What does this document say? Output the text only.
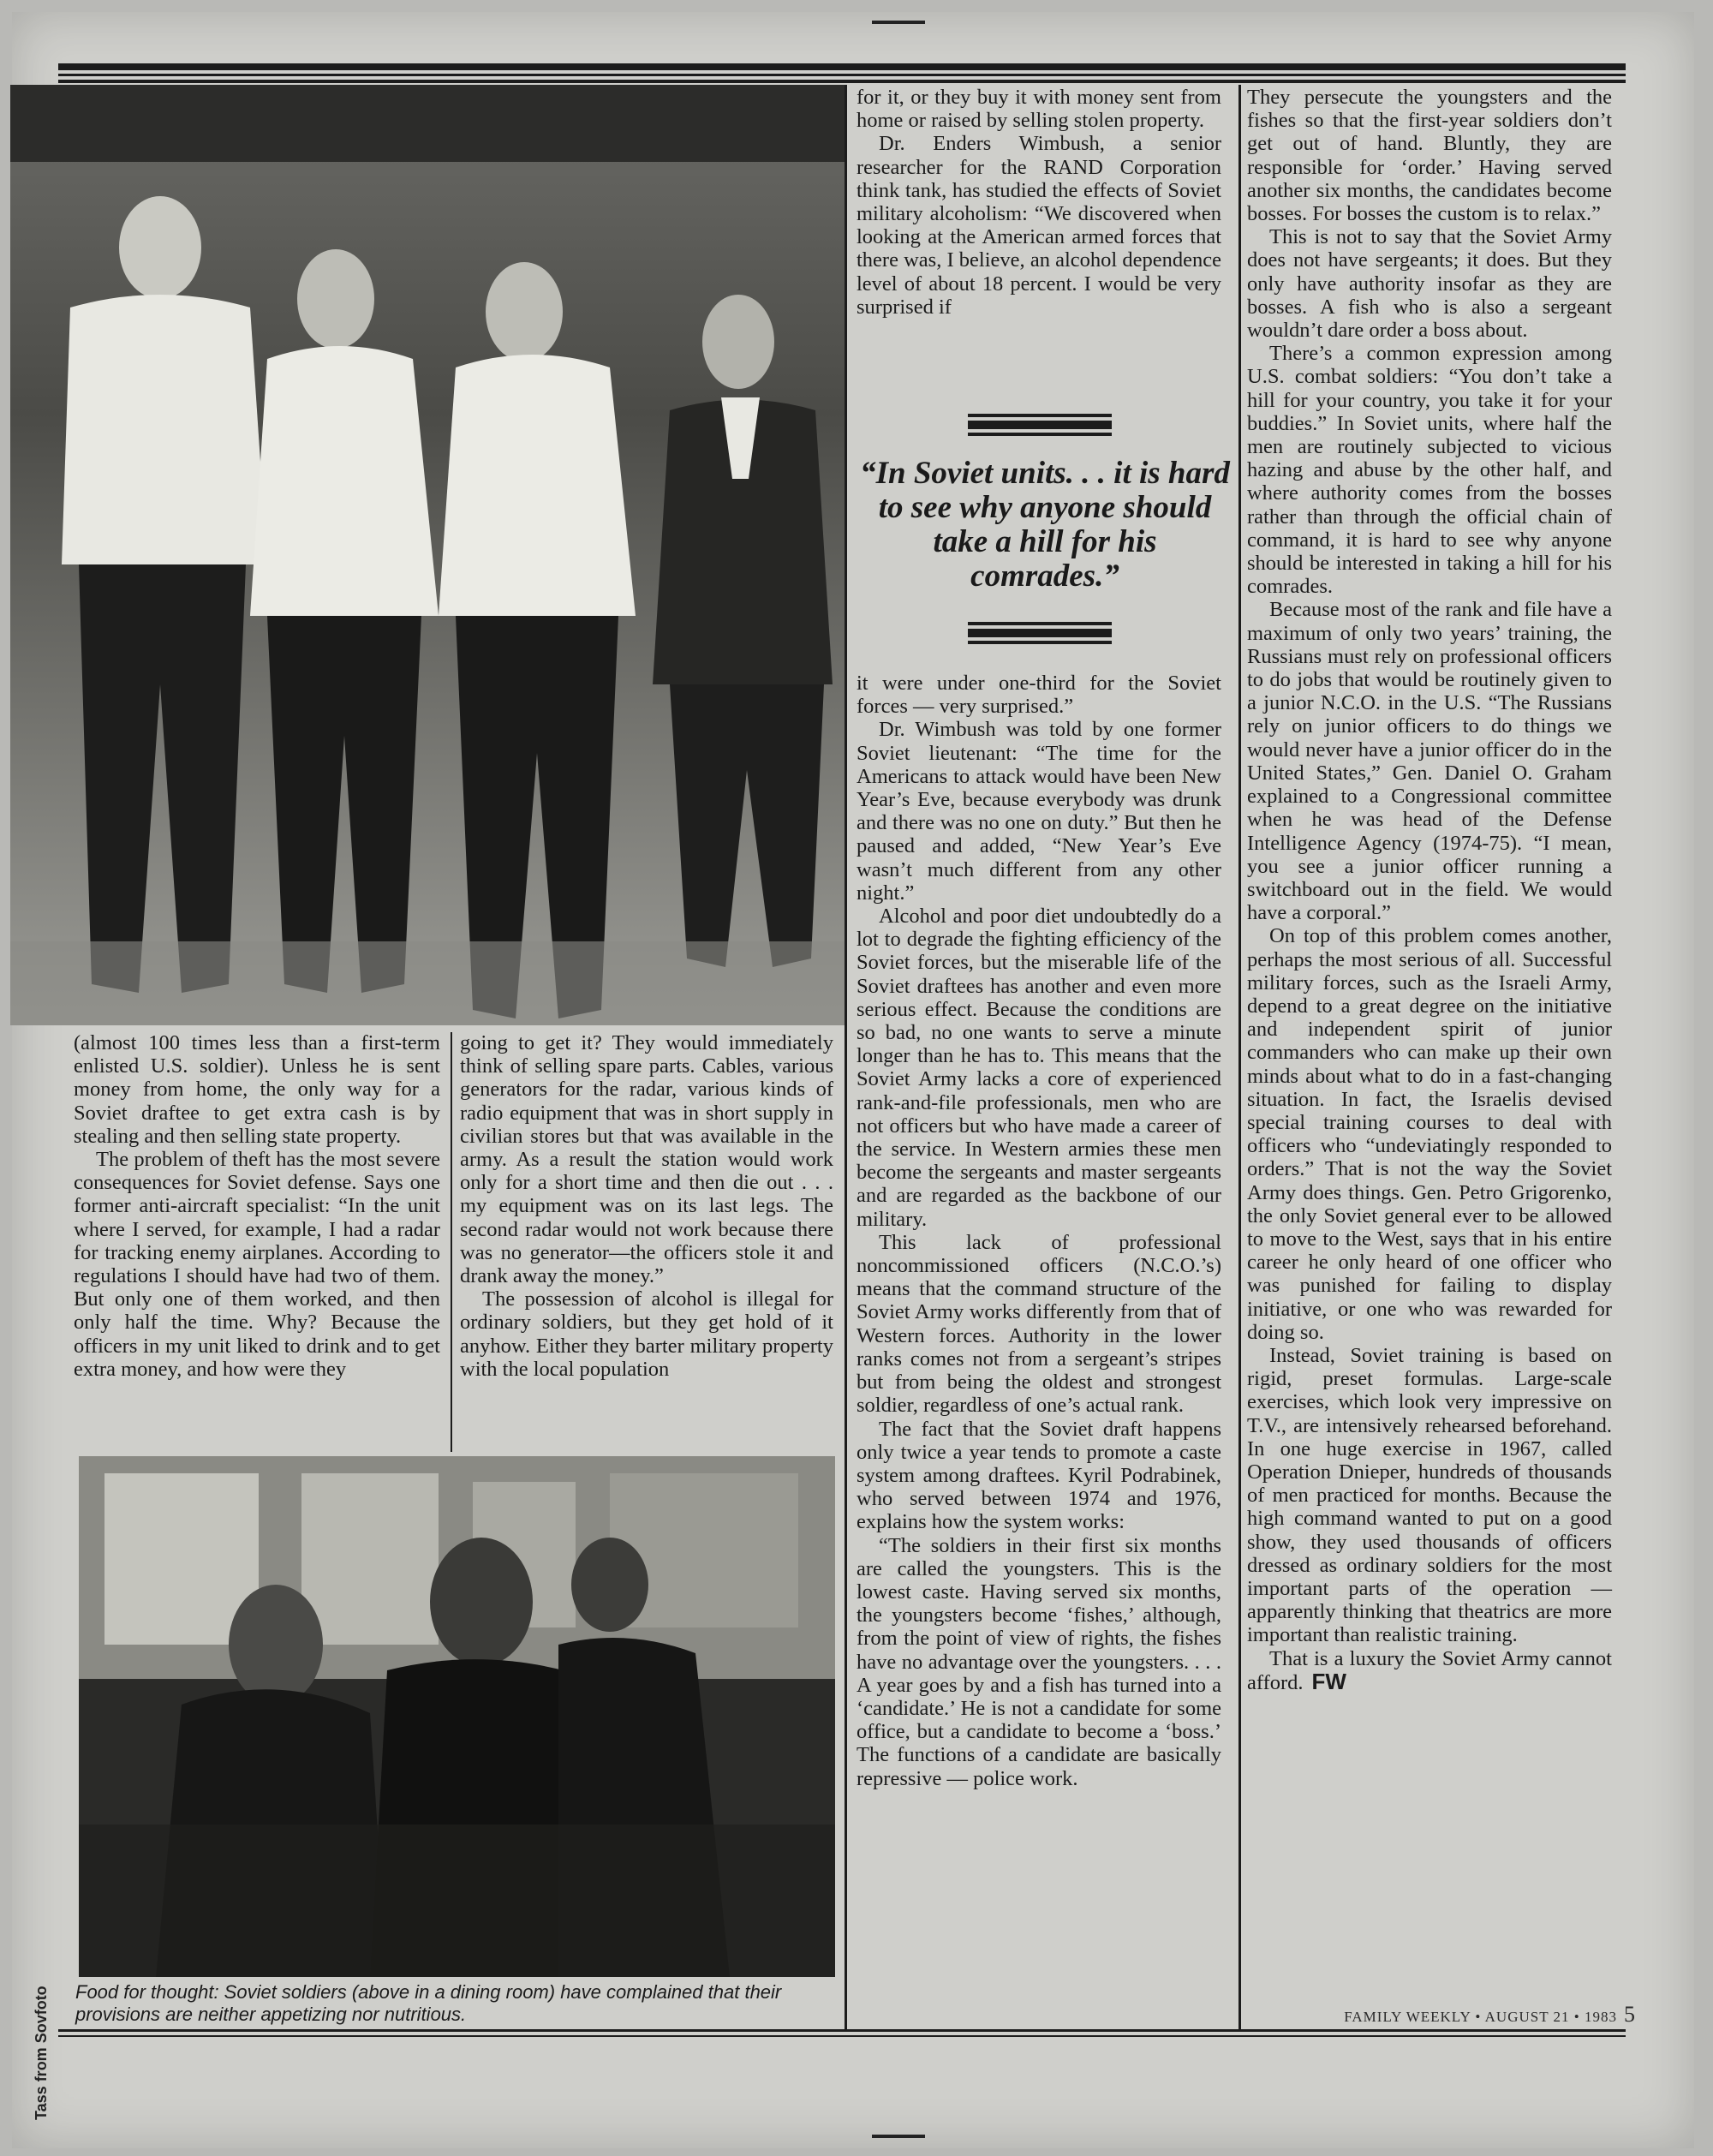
(almost 100 times less than a first-term enlisted U.S. soldier). Unless he is sent money from home, the only way for a Soviet draftee to get extra cash is by stealing and then selling state property.

The problem of theft has the most severe consequences for Soviet defense. Says one former anti-aircraft specialist: “In the unit where I served, for example, I had a radar for tracking enemy airplanes. According to regulations I should have had two of them. But only one of them worked, and then only half the time. Why? Because the officers in my unit liked to drink and to get extra money, and how were they

going to get it? They would immediately think of selling spare parts. Cables, various generators for the radar, various kinds of radio equipment that was in short supply in civilian stores but that was available in the army. As a result the station would work only for a short time and then die out . . . my equipment was on its last legs. The second radar would not work because there was no generator—the officers stole it and drank away the money.”

The possession of alcohol is illegal for ordinary soldiers, but they get hold of it anyhow. Either they barter military property with the local population

Food for thought: Soviet soldiers (above in a dining room) have complained that their provisions are neither appetizing nor nutritious.

for it, or they buy it with money sent from home or raised by selling stolen property.

Dr. Enders Wimbush, a senior researcher for the RAND Corporation think tank, has studied the effects of Soviet military alcoholism: “We discovered when looking at the American armed forces that there was, I believe, an alcohol dependence level of about 18 percent. I would be very surprised if

“In Soviet units. . . it is hard to see why anyone should take a hill for his comrades.”

it were under one-third for the Soviet forces — very surprised.”

Dr. Wimbush was told by one former Soviet lieutenant: “The time for the Americans to attack would have been New Year’s Eve, because everybody was drunk and there was no one on duty.” But then he paused and added, “New Year’s Eve wasn’t much different from any other night.”

Alcohol and poor diet undoubtedly do a lot to degrade the fighting efficiency of the Soviet forces, but the miserable life of the Soviet draftees has another and even more serious effect. Because the conditions are so bad, no one wants to serve a minute longer than he has to. This means that the Soviet Army lacks a core of experienced rank-and-file professionals, men who are not officers but who have made a career of the service. In Western armies these men become the sergeants and master sergeants and are regarded as the backbone of our military.

This lack of professional noncommissioned officers (N.C.O.’s) means that the command structure of the Soviet Army works differently from that of Western forces. Authority in the lower ranks comes not from a sergeant’s stripes but from being the oldest and strongest soldier, regardless of one’s actual rank.

The fact that the Soviet draft happens only twice a year tends to promote a caste system among draftees. Kyril Podrabinek, who served between 1974 and 1976, explains how the system works:

“The soldiers in their first six months are called the youngsters. This is the lowest caste. Having served six months, the youngsters become ‘fishes,’ although, from the point of view of rights, the fishes have no advantage over the youngsters. . . . A year goes by and a fish has turned into a ‘candidate.’ He is not a candidate for some office, but a candidate to become a ‘boss.’ The functions of a candidate are basically repressive — police work.

They persecute the youngsters and the fishes so that the first-year soldiers don’t get out of hand. Bluntly, they are responsible for ‘order.’ Having served another six months, the candidates become bosses. For bosses the custom is to relax.”

This is not to say that the Soviet Army does not have sergeants; it does. But they only have authority insofar as they are bosses. A fish who is also a sergeant wouldn’t dare order a boss about.

There’s a common expression among U.S. combat soldiers: “You don’t take a hill for your country, you take it for your buddies.” In Soviet units, where half the men are routinely subjected to vicious hazing and abuse by the other half, and where authority comes from the bosses rather than through the official chain of command, it is hard to see why anyone should be interested in taking a hill for his comrades.

Because most of the rank and file have a maximum of only two years’ training, the Russians must rely on professional officers to do jobs that would be routinely given to a junior N.C.O. in the U.S. “The Russians rely on junior officers to do things we would never have a junior officer do in the United States,” Gen. Daniel O. Graham explained to a Congressional committee when he was head of the Defense Intelligence Agency (1974-75). “I mean, you see a junior officer running a switchboard out in the field. We would have a corporal.”

On top of this problem comes another, perhaps the most serious of all. Successful military forces, such as the Israeli Army, depend to a great degree on the initiative and independent spirit of junior commanders who can make up their own minds about what to do in a fast-changing situation. In fact, the Israelis devised special training courses to deal with officers who “undeviatingly responded to orders.” That is not the way the Soviet Army does things. Gen. Petro Grigorenko, the only Soviet general ever to be allowed to move to the West, says that in his entire career he only heard of one officer who was punished for failing to display initiative, or one who was rewarded for doing so.

Instead, Soviet training is based on rigid, preset formulas. Large-scale exercises, which look very impressive on T.V., are intensively rehearsed beforehand. In one huge exercise in 1967, called Operation Dnieper, hundreds of thousands of men practiced for months. Because the high command wanted to put on a good show, they used thousands of officers dressed as ordinary soldiers for the most important parts of the operation — apparently thinking that theatrics are more important than realistic training.

That is a luxury the Soviet Army cannot afford. FW

FAMILY WEEKLY • AUGUST 21 • 1983 5
